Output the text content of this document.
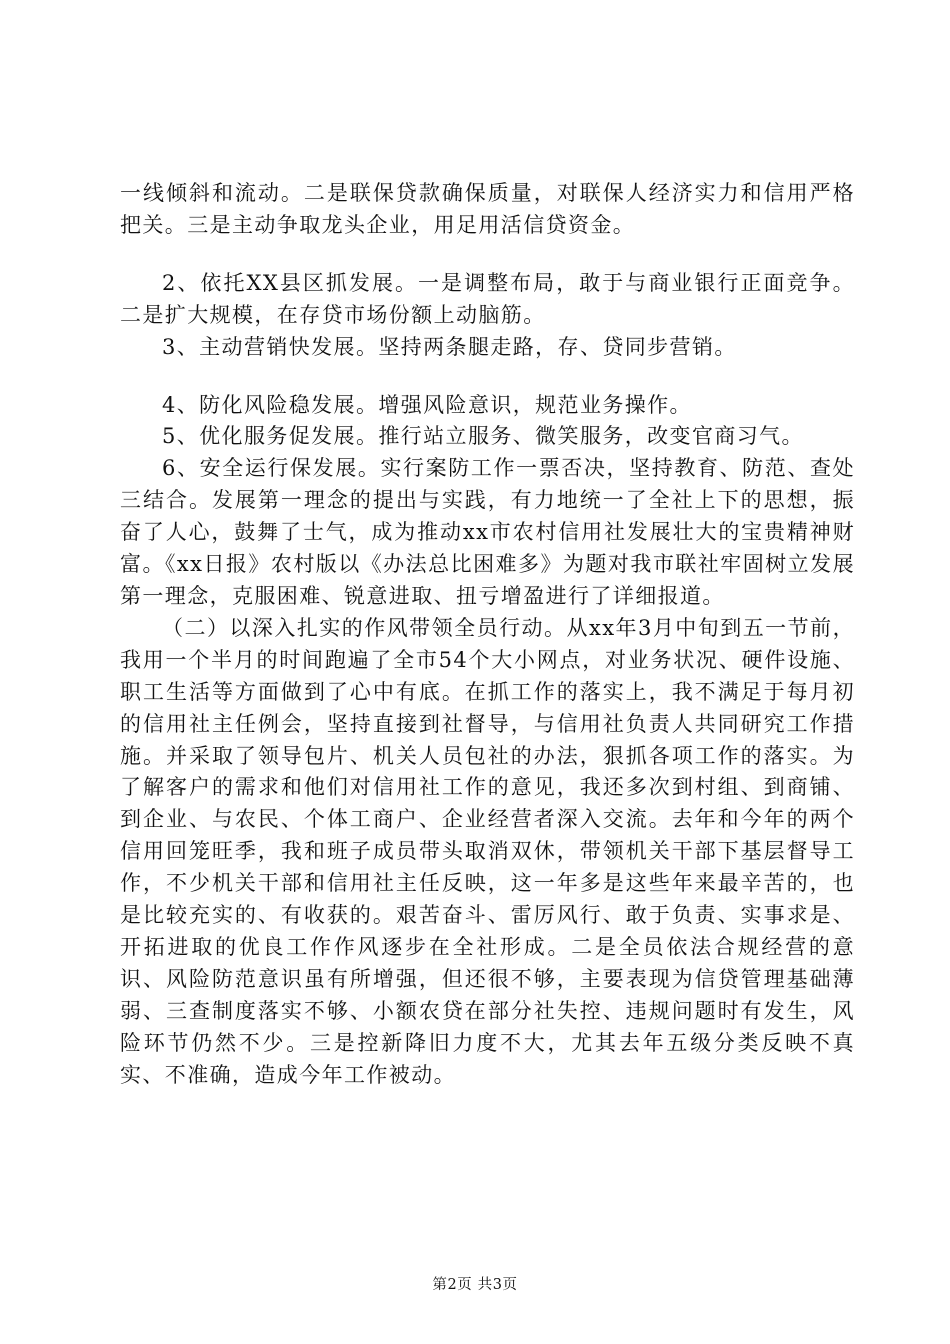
一线倾斜和流动。二是联保贷款确保质量，对联保人经济实力和信用严格把关。三是主动争取龙头企业，用足用活信贷资金。

2、依托XX县区抓发展。一是调整布局，敢于与商业银行正面竞争。二是扩大规模，在存贷市场份额上动脑筋。

3、主动营销快发展。坚持两条腿走路，存、贷同步营销。

4、防化风险稳发展。增强风险意识，规范业务操作。

5、优化服务促发展。推行站立服务、微笑服务，改变官商习气。

6、安全运行保发展。实行案防工作一票否决，坚持教育、防范、查处三结合。发展第一理念的提出与实践，有力地统一了全社上下的思想，振奋了人心，鼓舞了士气，成为推动xx市农村信用社发展壮大的宝贵精神财富。《xx日报》农村版以《办法总比困难多》为题对我市联社牢固树立发展第一理念，克服困难、锐意进取、扭亏增盈进行了详细报道。

（二）以深入扎实的作风带领全员行动。从xx年3月中旬到五一节前，我用一个半月的时间跑遍了全市54个大小网点，对业务状况、硬件设施、职工生活等方面做到了心中有底。在抓工作的落实上，我不满足于每月初的信用社主任例会，坚持直接到社督导，与信用社负责人共同研究工作措施。并采取了领导包片、机关人员包社的办法，狠抓各项工作的落实。为了解客户的需求和他们对信用社工作的意见，我还多次到村组、到商铺、到企业、与农民、个体工商户、企业经营者深入交流。去年和今年的两个信用回笼旺季，我和班子成员带头取消双休，带领机关干部下基层督导工作，不少机关干部和信用社主任反映，这一年多是这些年来最辛苦的，也是比较充实的、有收获的。艰苦奋斗、雷厉风行、敢于负责、实事求是、开拓进取的优良工作作风逐步在全社形成。二是全员依法合规经营的意识、风险防范意识虽有所增强，但还很不够，主要表现为信贷管理基础薄弱、三查制度落实不够、小额农贷在部分社失控、违规问题时有发生，风险环节仍然不少。三是控新降旧力度不大，尤其去年五级分类反映不真实、不准确，造成今年工作被动。

第2页 共3页
